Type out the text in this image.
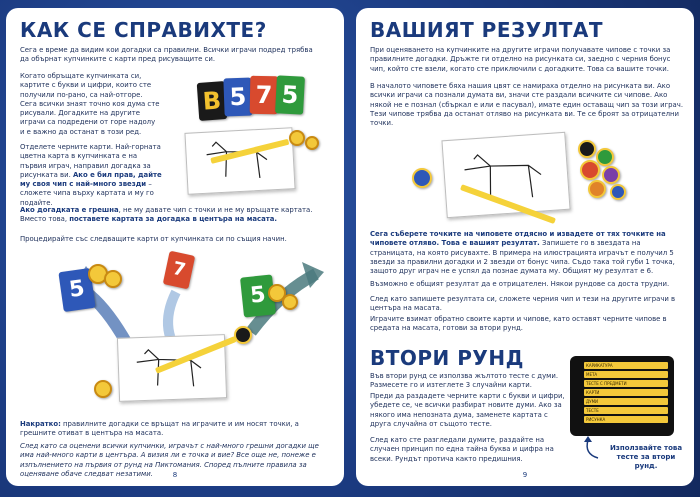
КАК СЕ СПРАВИХТЕ?
Сега е време да видим кои догадки са правилни. Всички играчи подред трябва да обърнат купчинките с карти пред рисуващите си.
Когато обръщате купчинката си, картите с букви и цифри, които сте получили по-рано, са най-отгоре. Сега всички знаят точно коя дума сте рисували. Догадките на другите играчи са подредени от горе надолу и е важно да останат в този ред.
Отделете черните карти. Най-горната цветна карта в купчинката е на първия играч, направил догадка за рисунката ви. Ако е бил прав, дайте му своя чип с най-много звезди – сложете чипа върху картата и му го подайте.
Ако догадката е грешна, не му давате чип с точки и не му връщате картата. Вместо това, поставете картата за догадка в центъра на масата.
Процедирайте със следващите карти от купчинката си по същия начин.
B 5 7 5
5
7
5
Накратко: правилните догадки се връщат на играчите и им носят точки, а грешните отиват в центъра на масата.
След като са оценени всички купчинки, играчът с най-много грешни догадки ще има най-много карти в центъра. А визия ли е точка и вие? Все още не, понеже е изпълнението на първия от рунд на Пиктомания. Според пълните правила за оценяване обаче следват незатими.	8
ВАШИЯТ РЕЗУЛТАТ
При оценяването на купчинките на другите играчи получавате чипове с точки за правилните догадки. Дръжте ги отделно на рисунката си, заедно с черния бонус чип, който сте взели, когато сте приключили с догадките. Това са вашите точки.
В началото чиповете бяха нашия цвят се намираха отделно на рисунката ви. Ако всички играчи са познали думата ви, значи сте раздали всичките си чипове. Ако някой не е познал (сбъркал е или е пасувал), имате един оставащ чип за този играч. Тези чипове трябва да останат отляво на рисунката ви. Те се броят за отрицателни точки.
Сега съберете точките на чиповете отдясно и извадете от тях точките на чиповете отляво. Това е вашият резултат. Запишете го в звездата на страницата, на която рисувахте. В примера на илюстрацията играчът е получил 5 звезди за правилни догадки и 2 звезди от бонус чипа. Съдо така той губи 1 точка, защото друг играч не е успял да познае думата му. Общият му резултат е 6.
Възможно е общият резултат да е отрицателен. Някои рундове са доста трудни.
След като запишете резултата си, сложете черния чип и тези на другите играчи в центъра на масата.
Играчите взимат обратно своите карти и чипове, като оставят черните чипове в средата на масата, готови за втори рунд.
ВТОРИ РУНД
Във втори рунд се използва жълтото тесте с думи. Размесете го и изтеглете 3 случайни карти.
Преди да раздадете черните карти с букви и цифри, убедете се, че всички разбират новите думи. Ако за някого има непозната дума, заменете картата с друга случайна от същото тесте.
След като сте разгледали думите, раздайте на случаен принцип по една тайна буква и цифра на всеки. Рундът протича както предишния.
КАРИКАТУРА
МЕТА
ТЕСТЕ С ПРЕДМЕТИ
КАРТИ
ДУМИ
ТЕСТЕ
РИСУНКА
Използвайте това тесте за втори рунд.
9
